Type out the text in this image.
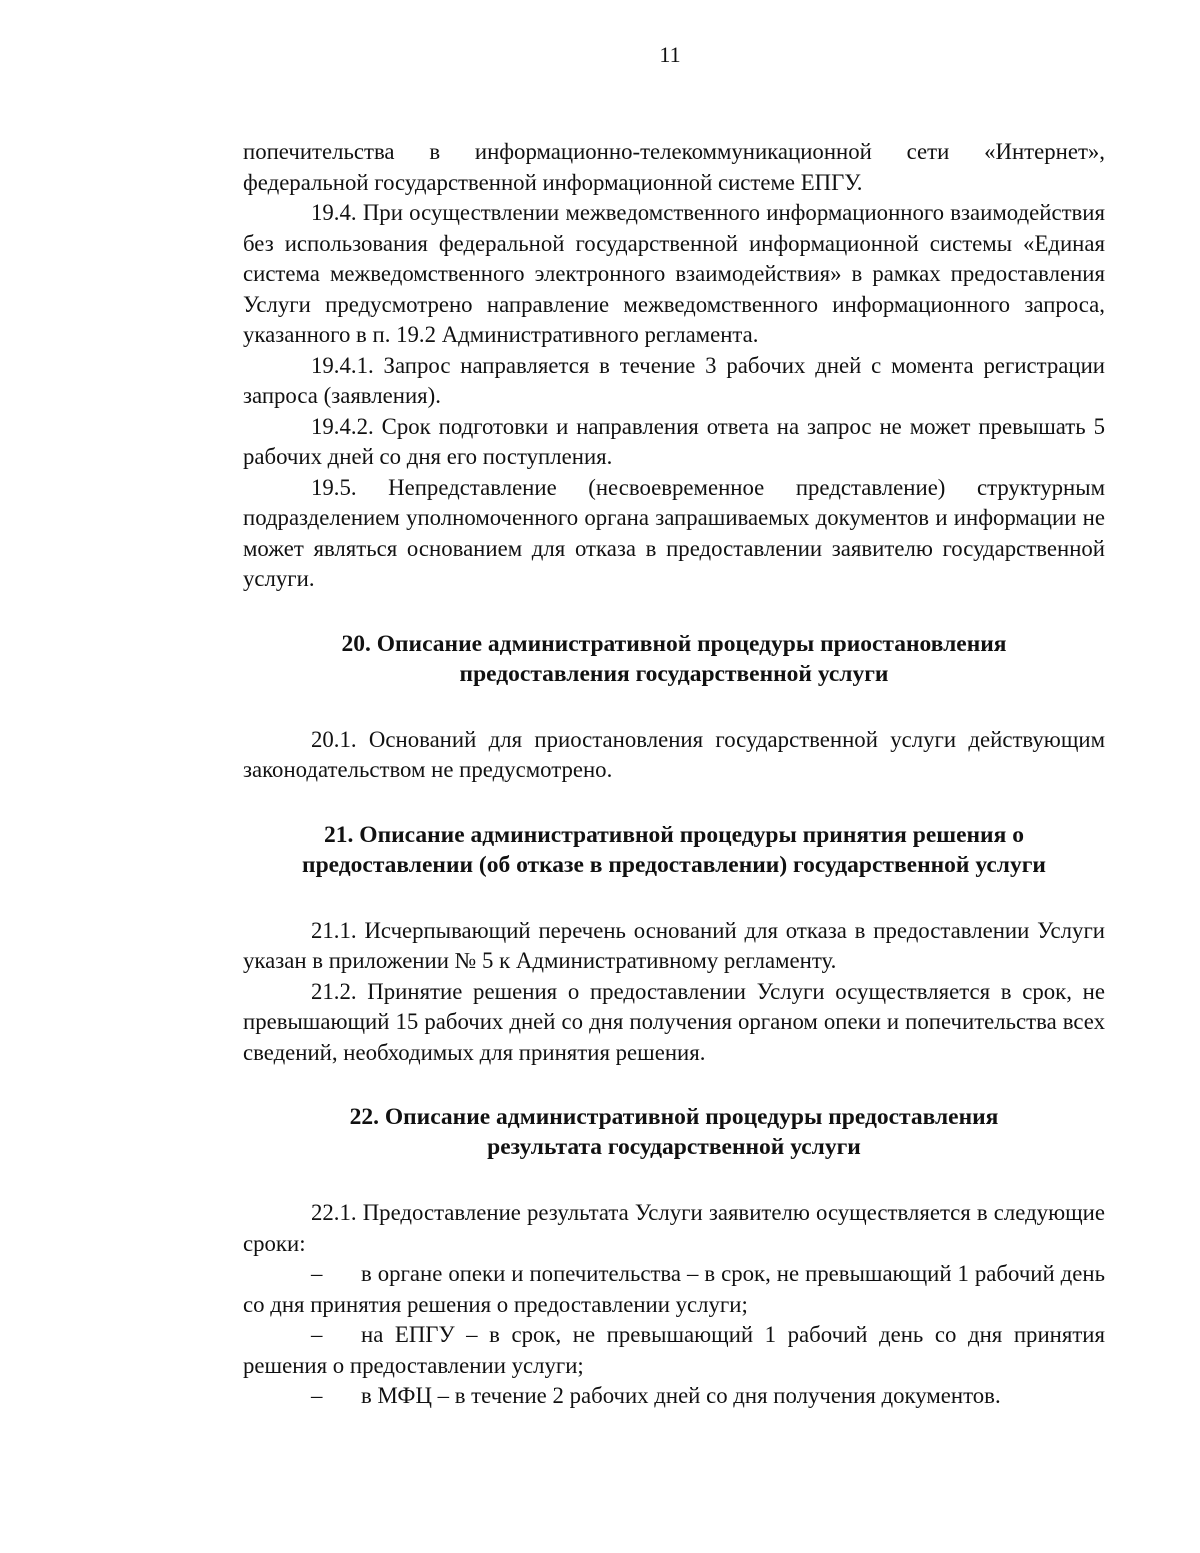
11

попечительства в информационно-телекоммуникационной сети «Интернет», федеральной государственной информационной системе ЕПГУ.

19.4. При осуществлении межведомственного информационного взаимодействия без использования федеральной государственной информационной системы «Единая система межведомственного электронного взаимодействия» в рамках предоставления Услуги предусмотрено направление межведомственного информационного запроса, указанного в п. 19.2 Административного регламента.

19.4.1. Запрос направляется в течение 3 рабочих дней с момента регистрации запроса (заявления).

19.4.2. Срок подготовки и направления ответа на запрос не может превышать 5 рабочих дней со дня его поступления.

19.5. Непредставление (несвоевременное представление) структурным подразделением уполномоченного органа запрашиваемых документов и информации не может являться основанием для отказа в предоставлении заявителю государственной услуги.

20. Описание административной процедуры приостановления
предоставления государственной услуги

20.1. Оснований для приостановления государственной услуги действующим законодательством не предусмотрено.

21. Описание административной процедуры принятия решения о
предоставлении (об отказе в предоставлении) государственной услуги

21.1. Исчерпывающий перечень оснований для отказа в предоставлении Услуги указан в приложении № 5 к Административному регламенту.

21.2. Принятие решения о предоставлении Услуги осуществляется в срок, не превышающий 15 рабочих дней со дня получения органом опеки и попечительства всех сведений, необходимых для принятия решения.

22. Описание административной процедуры предоставления
результата государственной услуги

22.1. Предоставление результата Услуги заявителю осуществляется в следующие сроки:

– в органе опеки и попечительства – в срок, не превышающий 1 рабочий день со дня принятия решения о предоставлении услуги;

– на ЕПГУ – в срок, не превышающий 1 рабочий день со дня принятия решения о предоставлении услуги;

– в МФЦ – в течение 2 рабочих дней со дня получения документов.
